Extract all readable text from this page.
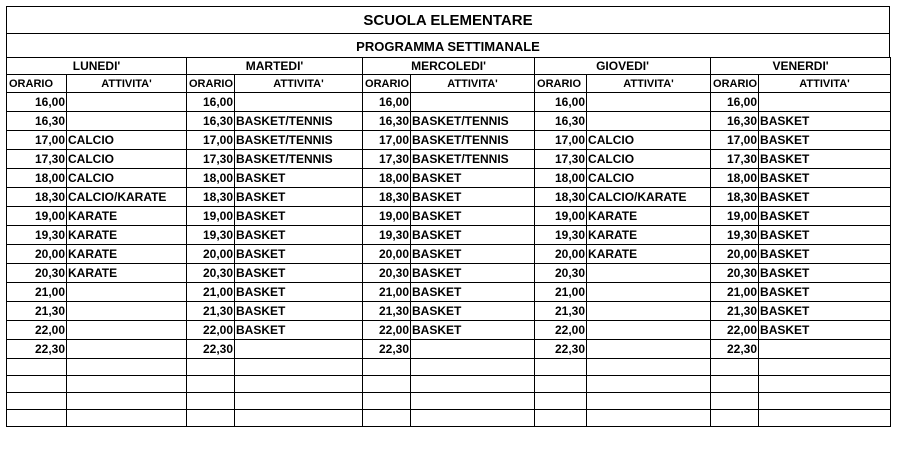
SCUOLA ELEMENTARE
PROGRAMMA SETTIMANALE
LUNEDI'		MARTEDI'		MERCOLEDI'		GIOVEDI'		VENERDI'	
ORARIO	ATTIVITA'	ORARIO	ATTIVITA'	ORARIO	ATTIVITA'	ORARIO	ATTIVITA'	ORARIO	ATTIVITA'
16,00		16,00		16,00		16,00		16,00	
16,30		16,30	BASKET/TENNIS	16,30	BASKET/TENNIS	16,30		16,30	BASKET
17,00	CALCIO	17,00	BASKET/TENNIS	17,00	BASKET/TENNIS	17,00	CALCIO	17,00	BASKET
17,30	CALCIO	17,30	BASKET/TENNIS	17,30	BASKET/TENNIS	17,30	CALCIO	17,30	BASKET
18,00	CALCIO	18,00	BASKET	18,00	BASKET	18,00	CALCIO	18,00	BASKET
18,30	CALCIO/KARATE	18,30	BASKET	18,30	BASKET	18,30	CALCIO/KARATE	18,30	BASKET
19,00	KARATE	19,00	BASKET	19,00	BASKET	19,00	KARATE	19,00	BASKET
19,30	KARATE	19,30	BASKET	19,30	BASKET	19,30	KARATE	19,30	BASKET
20,00	KARATE	20,00	BASKET	20,00	BASKET	20,00	KARATE	20,00	BASKET
20,30	KARATE	20,30	BASKET	20,30	BASKET	20,30		20,30	BASKET
21,00		21,00	BASKET	21,00	BASKET	21,00		21,00	BASKET
21,30		21,30	BASKET	21,30	BASKET	21,30		21,30	BASKET
22,00		22,00	BASKET	22,00	BASKET	22,00		22,00	BASKET
22,30		22,30		22,30		22,30		22,30	
